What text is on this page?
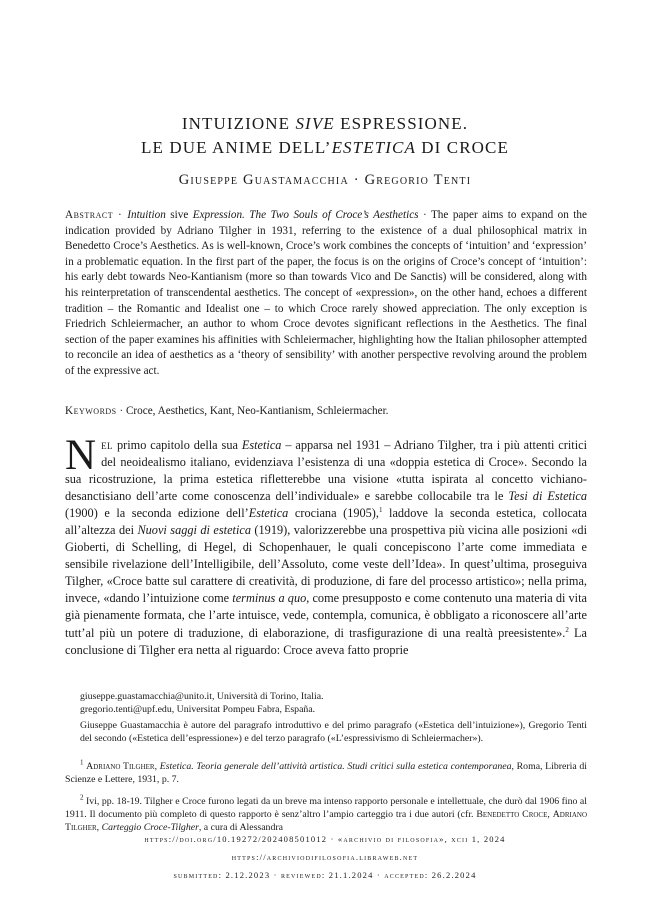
INTUIZIONE SIVE ESPRESSIONE.
LE DUE ANIME DELL’ESTETICA DI CROCE
Giuseppe Guastamacchia · Gregorio Tenti
Abstract · Intuition sive Expression. The Two Souls of Croce’s Aesthetics · The paper aims to expand on the indication provided by Adriano Tilgher in 1931, referring to the existence of a dual philosophical matrix in Benedetto Croce’s Aesthetics. As is well-known, Croce’s work combines the concepts of ‘intuition’ and ‘expression’ in a problematic equation. In the first part of the paper, the focus is on the origins of Croce’s concept of ‘intuition’: his early debt towards Neo-Kantianism (more so than towards Vico and De Sanctis) will be considered, along with his reinterpretation of transcendental aesthetics. The concept of «expression», on the other hand, echoes a different tradition – the Romantic and Idealist one – to which Croce rarely showed appreciation. The only exception is Friedrich Schleiermacher, an author to whom Croce devotes significant reflections in the Aesthetics. The final section of the paper examines his affinities with Schleiermacher, highlighting how the Italian philosopher attempted to reconcile an idea of aesthetics as a ‘theory of sensibility’ with another perspective revolving around the problem of the expressive act.
Keywords · Croce, Aesthetics, Kant, Neo-Kantianism, Schleiermacher.
Nel primo capitolo della sua Estetica – apparsa nel 1931 – Adriano Tilgher, tra i più attenti critici del neoidealismo italiano, evidenziava l’esistenza di una «doppia estetica di Croce». Secondo la sua ricostruzione, la prima estetica rifletterebbe una visione «tutta ispirata al concetto vichiano-desanctisiano dell’arte come conoscenza dell’individuale» e sarebbe collocabile tra le Tesi di Estetica (1900) e la seconda edizione dell’Estetica crociana (1905),$^1$ laddove la seconda estetica, collocata all’altezza dei Nuovi saggi di estetica (1919), valorizzerebbe una prospettiva più vicina alle posizioni «di Gioberti, di Schelling, di Hegel, di Schopenhauer, le quali concepiscono l’arte come immediata e sensibile rivelazione dell’Intelligibile, dell’Assoluto, come veste dell’Idea». In quest’ultima, proseguiva Tilgher, «Croce batte sul carattere di creatività, di produzione, di fare del processo artistico»; nella prima, invece, «dando l’intuizione come terminus a quo, come presupposto e come contenuto una materia di vita già pienamente formata, che l’arte intuisce, vede, contempla, comunica, è obbligato a riconoscere all’arte tutt’al più un potere di traduzione, di elaborazione, di trasfigurazione di una realtà preesistente».$^2$ La conclusione di Tilgher era netta al riguardo: Croce aveva fatto proprie
giuseppe.guastamacchia@unito.it, Università di Torino, Italia.
gregorio.tenti@upf.edu, Universitat Pompeu Fabra, España.
Giuseppe Guastamacchia è autore del paragrafo introduttivo e del primo paragrafo («Estetica dell’intuizione»), Gregorio Tenti del secondo («Estetica dell’espressione») e del terzo paragrafo («L’espressivismo di Schleiermacher»).
$^1$ Adriano Tilgher, Estetica. Teoria generale dell’attività artistica. Studi critici sulla estetica contemporanea, Roma, Libreria di Scienze e Lettere, 1931, p. 7.
$^2$ Ivi, pp. 18-19. Tilgher e Croce furono legati da un breve ma intenso rapporto personale e intellettuale, che durò dal 1906 fino al 1911. Il documento più completo di questo rapporto è senz’altro l’ampio carteggio tra i due autori (cfr. Benedetto Croce, Adriano Tilgher, Carteggio Croce-Tilgher, a cura di Alessandra
https://doi.org/10.19272/202408501012 · «archivio di filosofia», xcii 1, 2024
https://archiviodifilosofia.libraweb.net
submitted: 2.12.2023 · reviewed: 21.1.2024 · accepted: 26.2.2024
